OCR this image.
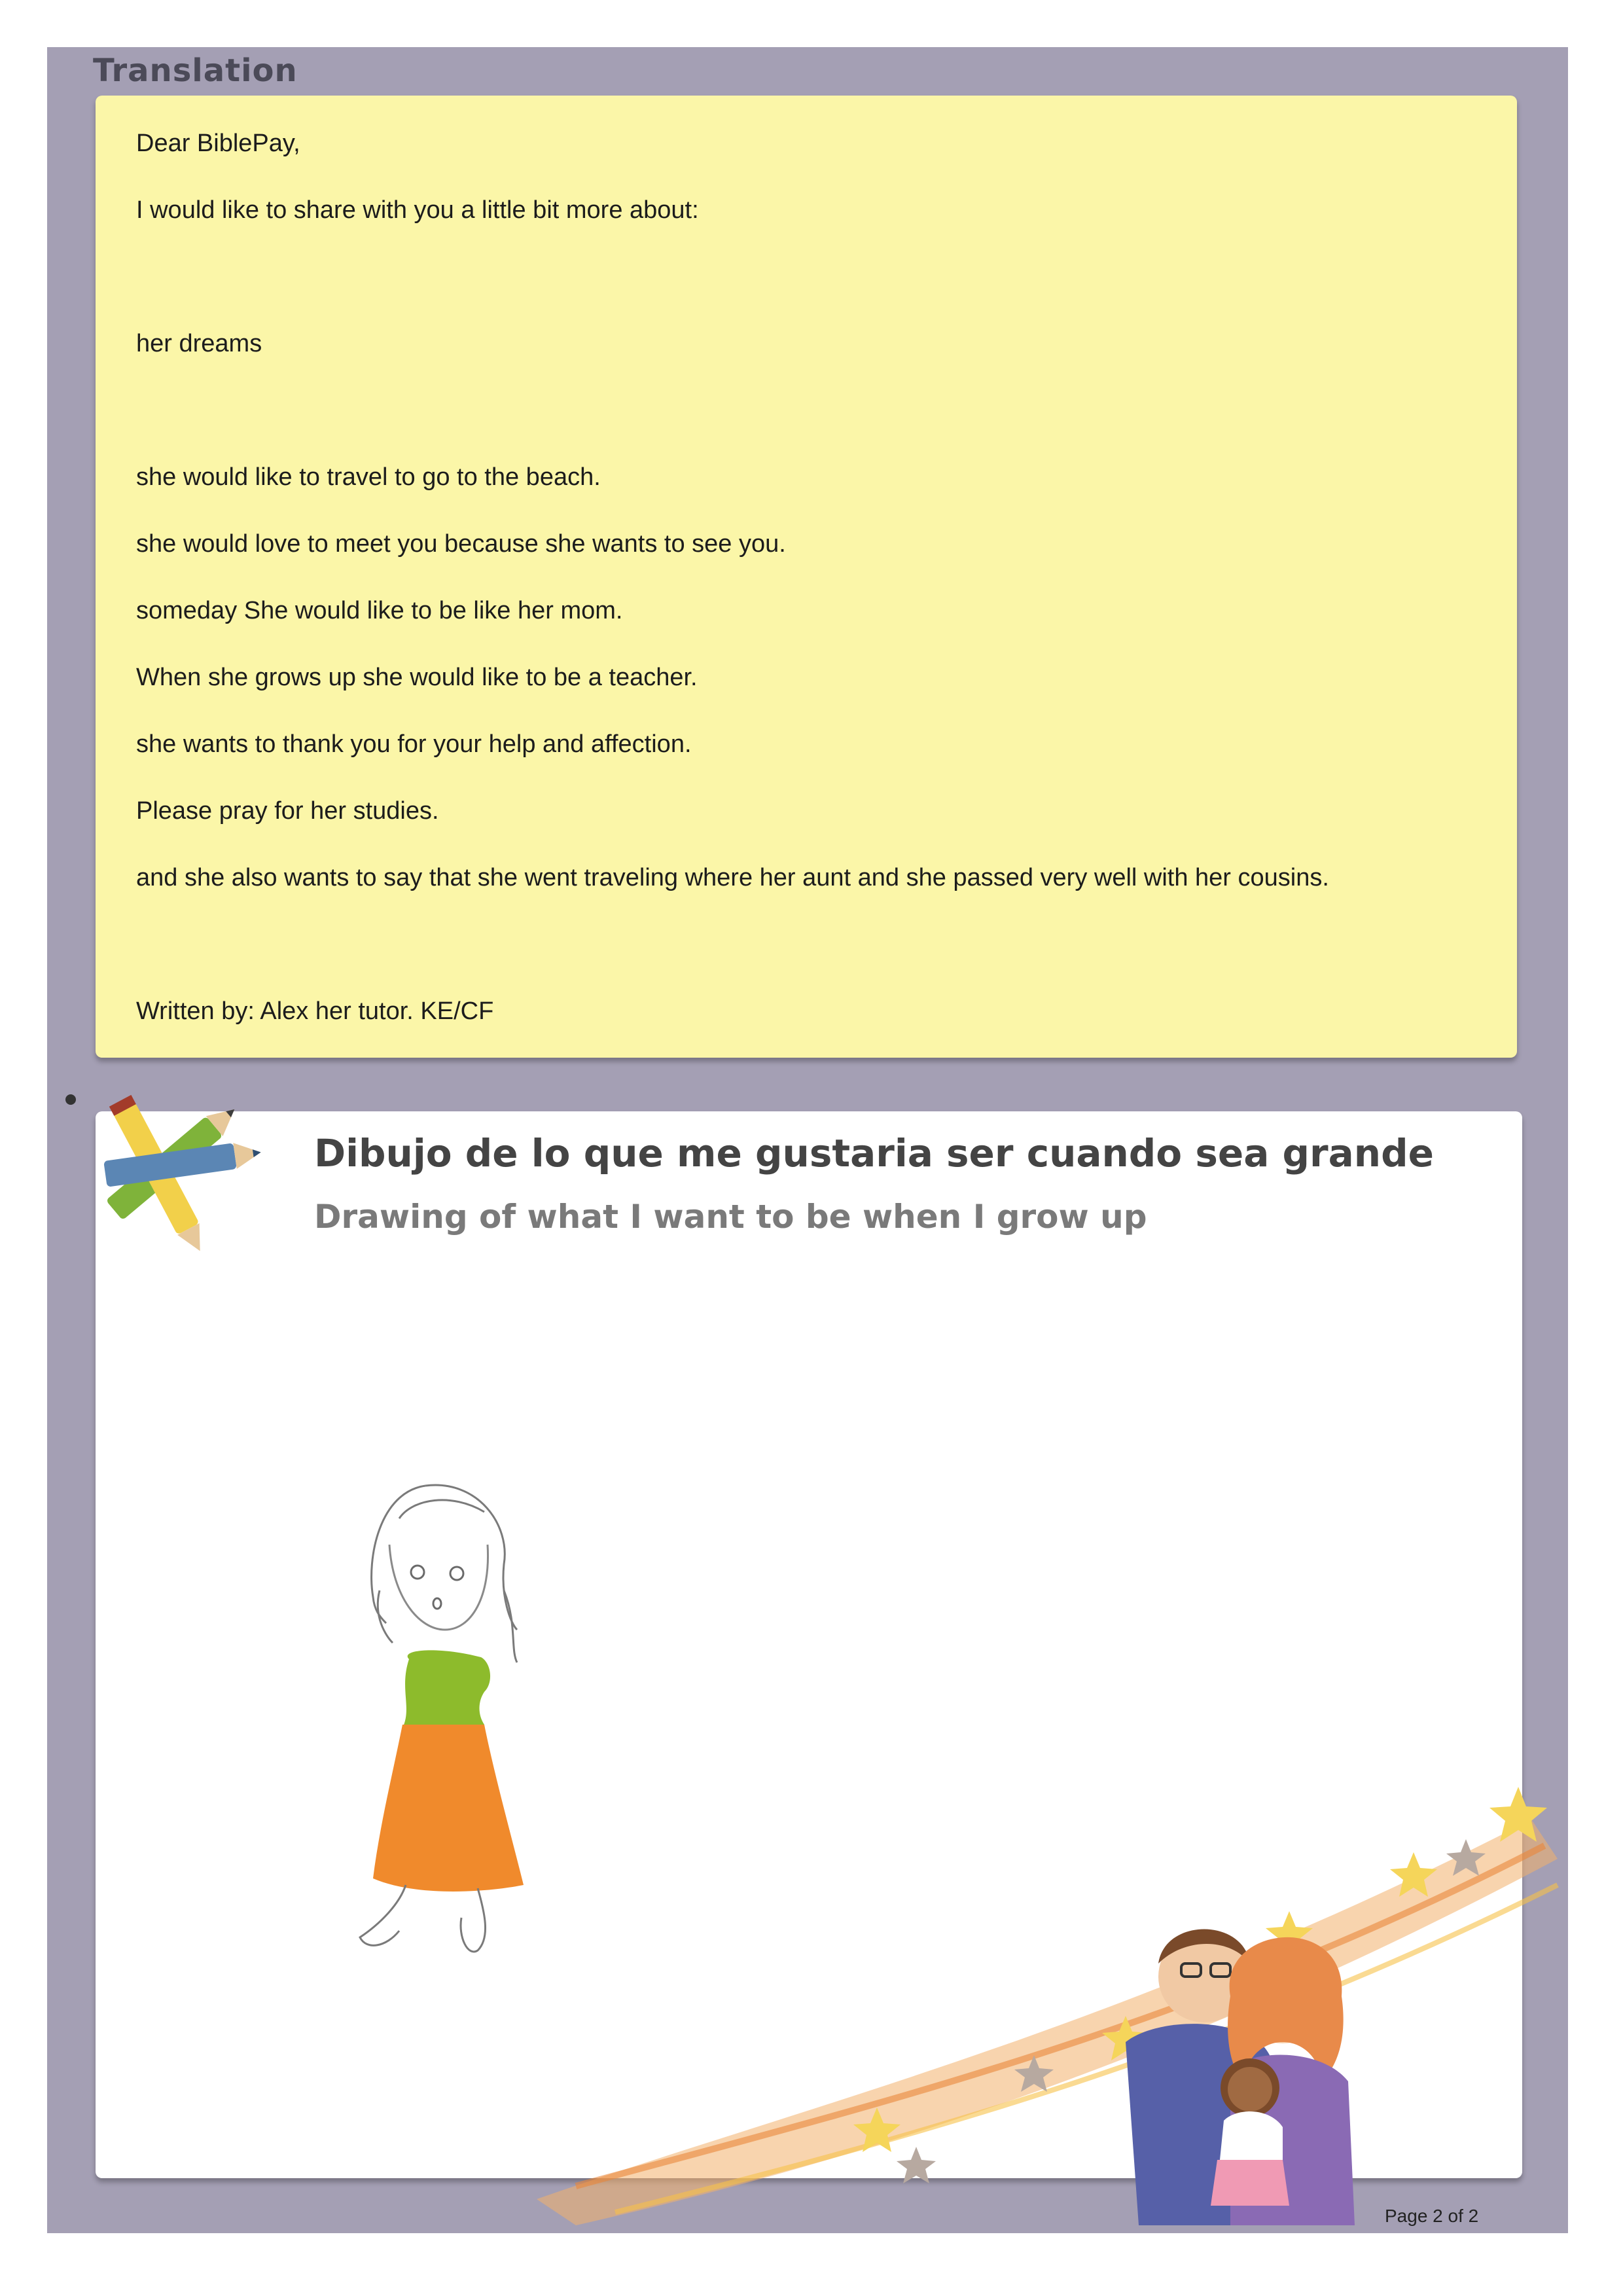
Translation
Dear BiblePay,
I would like to share with you a little bit more about:
her dreams
she would like to travel to go to the beach.
she would love to meet you because she wants to see you.
someday She would like to be like her mom.
When she grows up she would like to be a teacher.
she wants to thank you for your help and affection.
Please pray for her studies.
and she also wants to say that she went traveling where her aunt and she passed very well with her cousins.
Written by: Alex her tutor. KE/CF
Dibujo de lo que me gustaria ser cuando sea grande
Drawing of what I want to be when I grow up
Page 2 of 2
